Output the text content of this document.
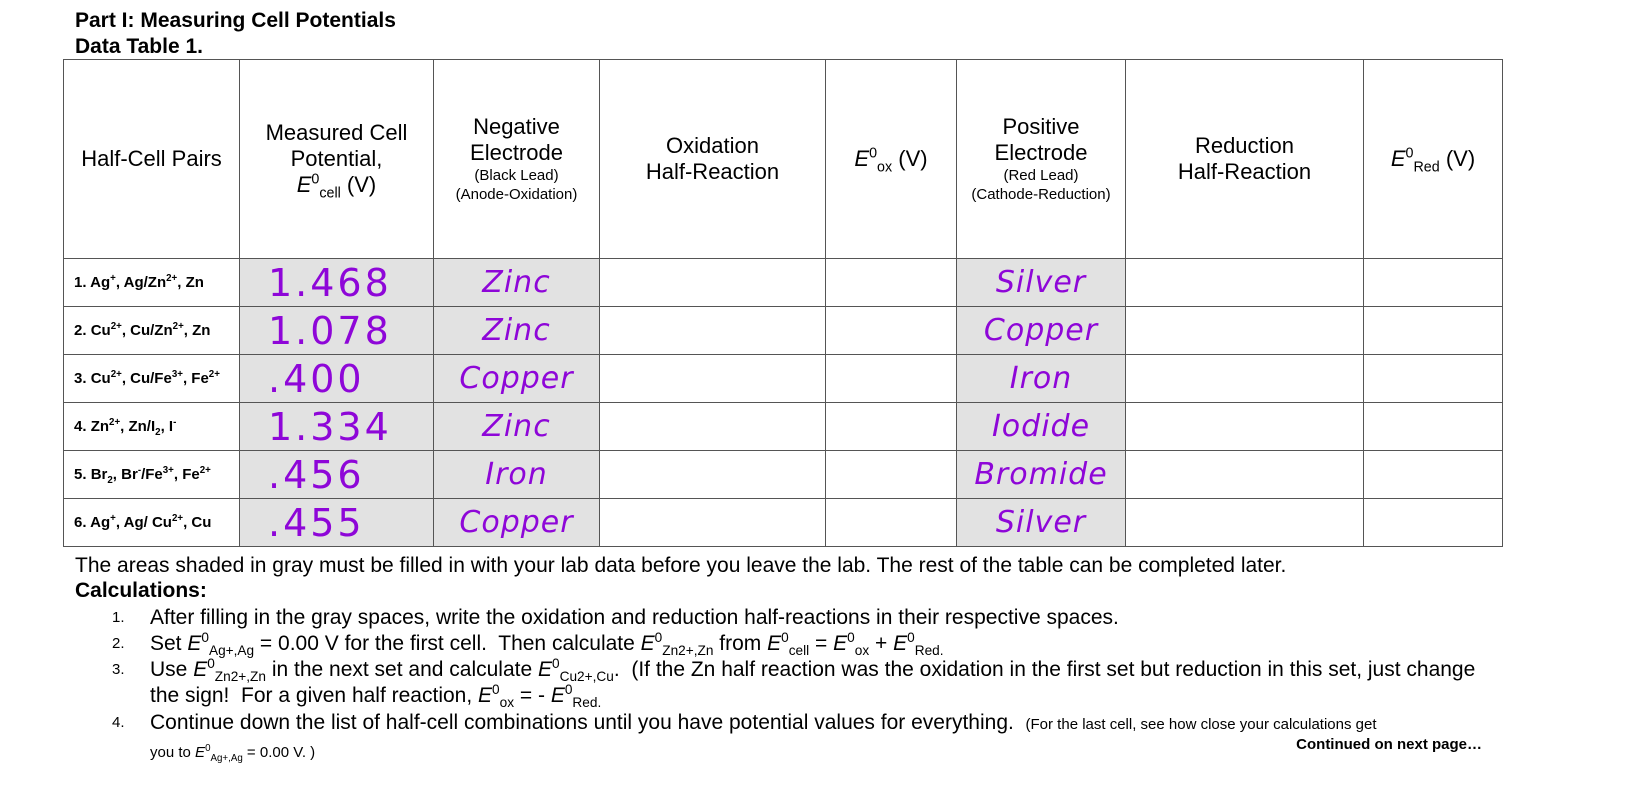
Part I: Measuring Cell Potentials
Data Table 1.
Half-Cell Pairs	Measured Cell
Potential,
$E^0_{cell}$ (V)	Negative
Electrode
(Black Lead)
(Anode-Oxidation)	Oxidation
Half-Reaction	$E^0_{ox}$ (V)	Positive
Electrode
(Red Lead)
(Cathode-Reduction)	Reduction
Half-Reaction	$E^0_{Red}$ (V)
1. Ag+, $Ag/Zn^{2+}$, Zn	1.468	Zinc			Silver		

2. $Cu^{2+}$, $Cu/Zn^{2+}$, Zn	1.078	Zinc			Copper		

3. $Cu^{2+}$, $Cu/Fe^{3+}$, $Fe^{2+}$	.400	Copper			Iron		

4. $Zn^{2+}$, $Zn/I_2$, I-	1.334	Zinc			Iodide		

5. $Br_2$, $Br^-/Fe^{3+}$, $Fe^{2+}$	.456	Iron			Bromide		

6. Ag+, Ag/ $Cu^{2+}$, Cu	.455	Copper			Silver		

The areas shaded in gray must be filled in with your lab data before you leave the lab. The rest of the table can be completed later.
Calculations:
1. After filling in the gray spaces, write the oxidation and reduction half-reactions in their respective spaces.
2. Set $E^0_{Ag+,Ag} = 0.00$ V for the first cell.  Then calculate $E^0_{Zn2+,Zn}$ from $E^0_{cell} = E^0_{ox} + E^0_{Red.}$
3. Use $E^0_{Zn2+,Zn}$ in the next set and calculate $E^0_{Cu2+,Cu}$.  (If the Zn half reaction was the oxidation in the first set but reduction in this set, just change the sign!  For a given half reaction, $E^0_{ox}$ = - $E^0_{Red.}$
4. Continue down the list of half-cell combinations until you have potential values for everything. (For the last cell, see how close your calculations get
you to $E^0_{Ag+,Ag} = 0.00$ V. )	Continued on next page…
